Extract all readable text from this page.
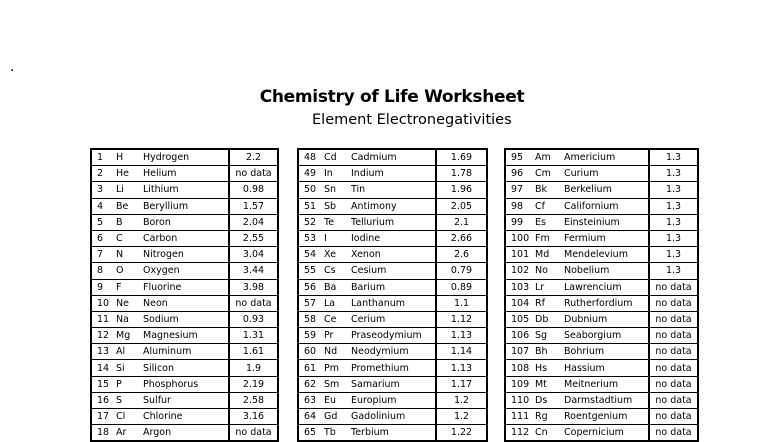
.
Chemistry of Life Worksheet
Element Electronegativities
1	H	Hydrogen	2.2
2	He	Helium	no data
3	Li	Lithium	0.98
4	Be	Beryllium	1.57
5	B	Boron	2.04
6	C	Carbon	2.55
7	N	Nitrogen	3.04
8	O	Oxygen	3.44
9	F	Fluorine	3.98
10	Ne	Neon	no data
11	Na	Sodium	0.93
12	Mg	Magnesium	1.31
13	Al	Aluminum	1.61
14	Si	Silicon	1.9
15	P	Phosphorus	2.19
16	S	Sulfur	2.58
17	Cl	Chlorine	3.16
18	Ar	Argon	no data
48	Cd	Cadmium	1.69
49	In	Indium	1.78
50	Sn	Tin	1.96
51	Sb	Antimony	2.05
52	Te	Tellurium	2.1
53	I	Iodine	2.66
54	Xe	Xenon	2.6
55	Cs	Cesium	0.79
56	Ba	Barium	0.89
57	La	Lanthanum	1.1
58	Ce	Cerium	1.12
59	Pr	Praseodymium	1.13
60	Nd	Neodymium	1.14
61	Pm	Promethium	1.13
62	Sm	Samarium	1.17
63	Eu	Europium	1.2
64	Gd	Gadolinium	1.2
65	Tb	Terbium	1.22
95	Am	Americium	1.3
96	Cm	Curium	1.3
97	Bk	Berkelium	1.3
98	Cf	Californium	1.3
99	Es	Einsteinium	1.3
100	Fm	Fermium	1.3
101	Md	Mendelevium	1.3
102	No	Nobelium	1.3
103	Lr	Lawrencium	no data
104	Rf	Rutherfordium	no data
105	Db	Dubnium	no data
106	Sg	Seaborgium	no data
107	Bh	Bohrium	no data
108	Hs	Hassium	no data
109	Mt	Meitnerium	no data
110	Ds	Darmstadtium	no data
111	Rg	Roentgenium	no data
112	Cn	Copernicium	no data
